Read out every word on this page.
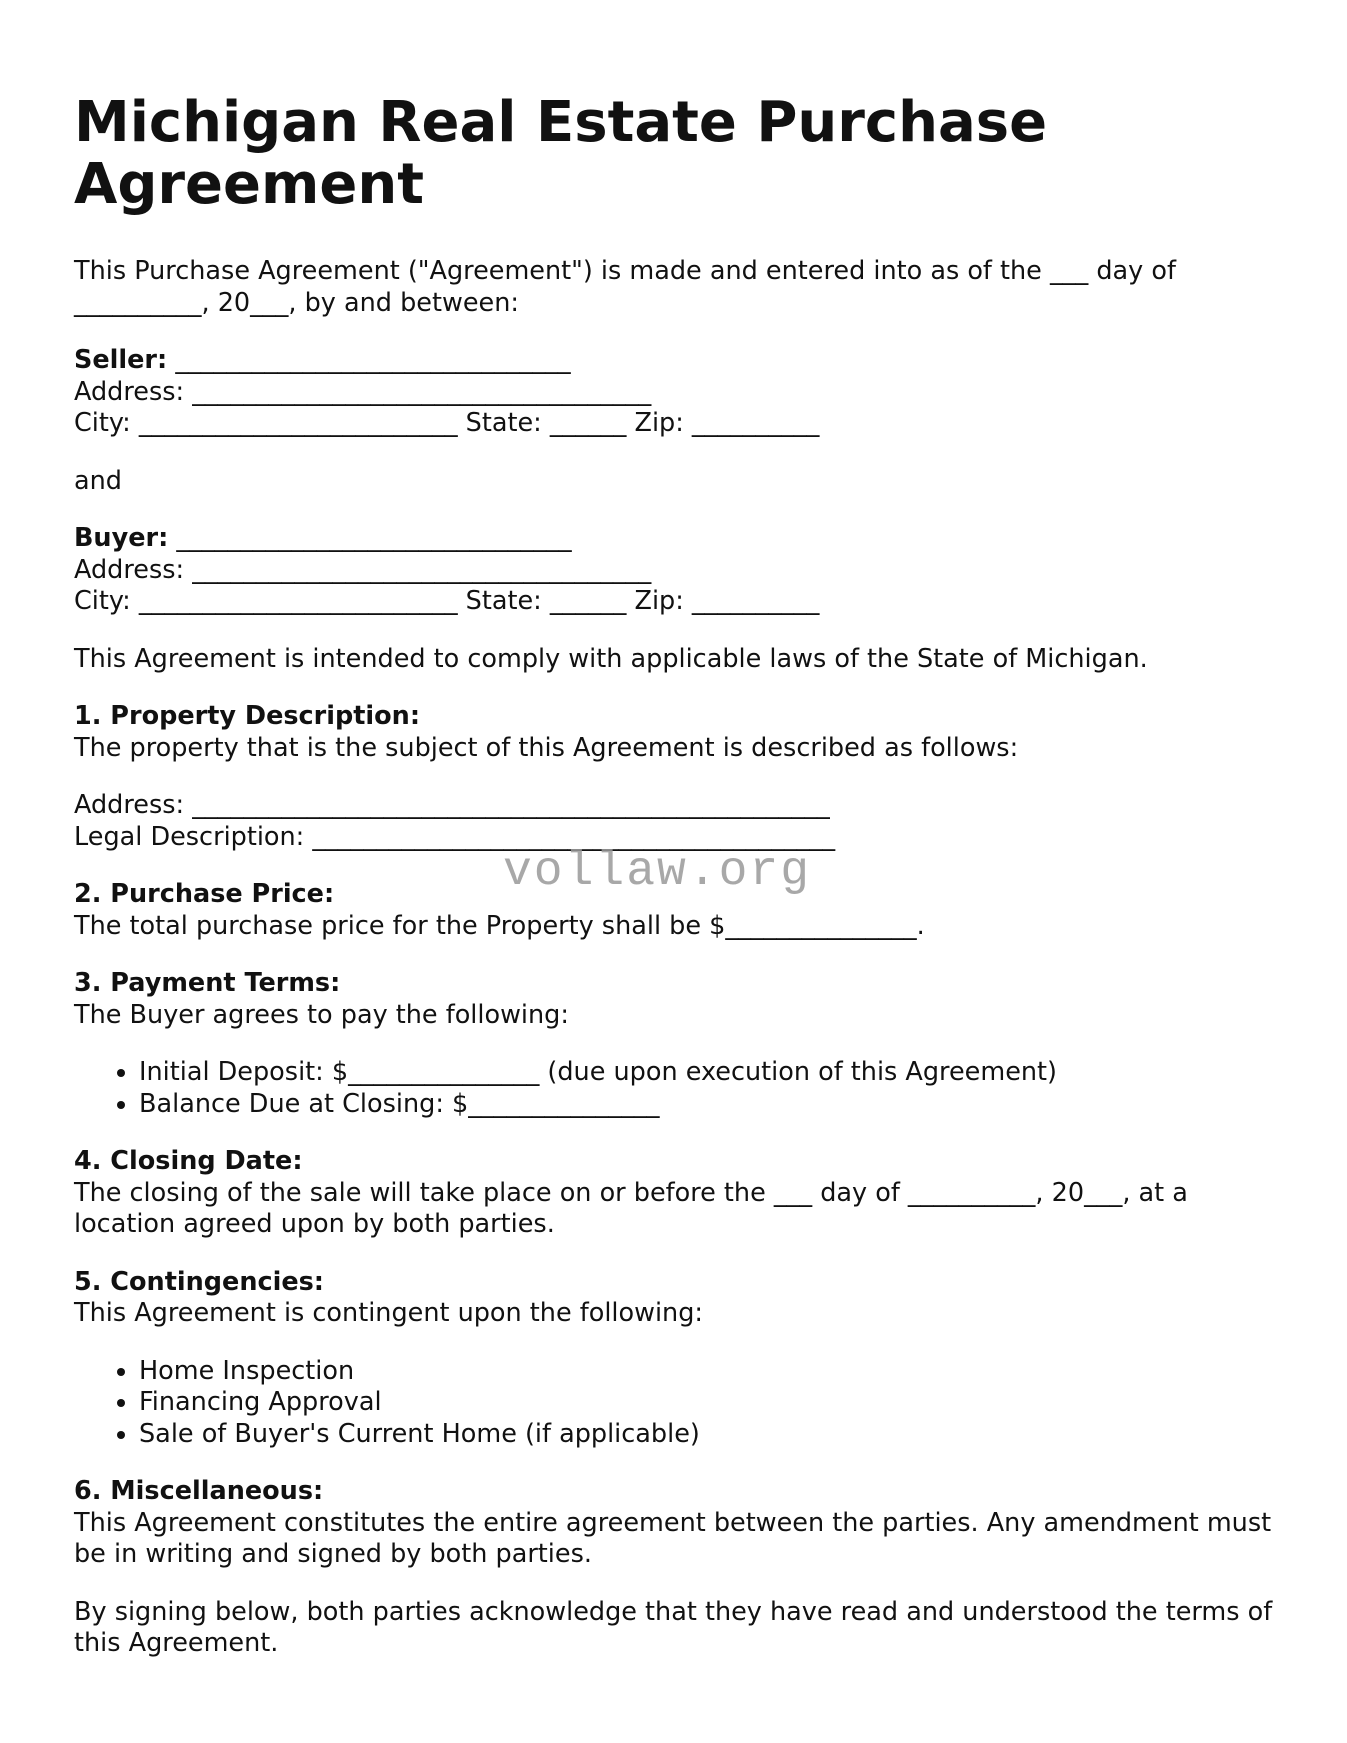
Michigan Real Estate Purchase Agreement
This Purchase Agreement ("Agreement") is made and entered into as of the ___ day of __________, 20___, by and between:
Seller: _______________________________
Address: ____________________________________
City: _________________________ State: ______ Zip: __________
and
Buyer: _______________________________
Address: ____________________________________
City: _________________________ State: ______ Zip: __________
This Agreement is intended to comply with applicable laws of the State of Michigan.
1. Property Description:
The property that is the subject of this Agreement is described as follows:
Address: __________________________________________________
Legal Description: _________________________________________
2. Purchase Price:
The total purchase price for the Property shall be $_______________.
3. Payment Terms:
The Buyer agrees to pay the following:
• Initial Deposit: $_______________ (due upon execution of this Agreement)
• Balance Due at Closing: $_______________
4. Closing Date:
The closing of the sale will take place on or before the ___ day of __________, 20___, at a location agreed upon by both parties.
5. Contingencies:
This Agreement is contingent upon the following:
• Home Inspection
• Financing Approval
• Sale of Buyer's Current Home (if applicable)
6. Miscellaneous:
This Agreement constitutes the entire agreement between the parties. Any amendment must be in writing and signed by both parties.
By signing below, both parties acknowledge that they have read and understood the terms of this Agreement.
vollaw.org
